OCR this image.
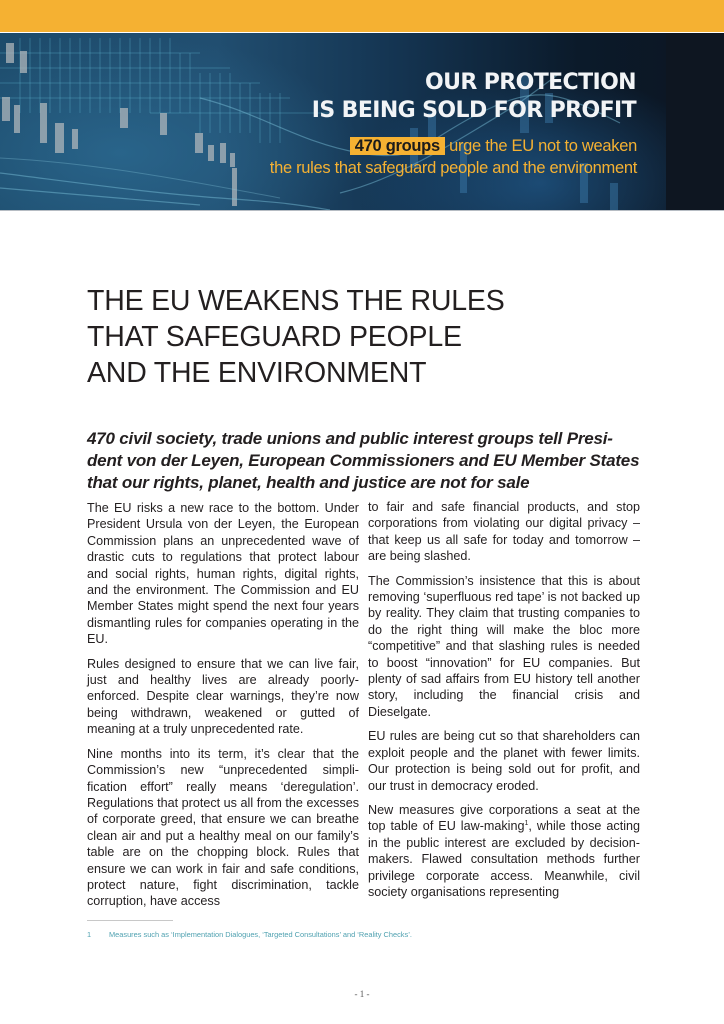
OUR PROTECTION
IS BEING SOLD FOR PROFIT
470 groups urge the EU not to weaken
the rules that safeguard people and the environment
THE EU WEAKENS THE RULES
THAT SAFEGUARD PEOPLE
AND THE ENVIRONMENT

470 civil society, trade unions and public interest groups tell President von der Leyen, European Commissioners and EU Member States that our rights, planet, health and justice are not for sale

The EU risks a new race to the bottom. Under President Ursula von der Leyen, the European Commission plans an unprecedented wave of drastic cuts to regulations that protect labour and social rights, human rights, digital rights, and the environment. The Commission and EU Member States might spend the next four years dismantling rules for companies operating in the EU.

Rules designed to ensure that we can live fair, just and healthy lives are already poorly-enforced. Despite clear warnings, they’re now being withdrawn, weakened or gutted of meaning at a truly unprecedented rate.

Nine months into its term, it’s clear that the Commission’s new “unprecedented simplification effort” really means ‘deregulation’. Regulations that protect us all from the excesses of corporate greed, that ensure we can breathe clean air and put a healthy meal on our family’s table are on the chopping block. Rules that ensure we can work in fair and safe conditions, protect nature, fight discrimination, tackle corruption, have access

to fair and safe financial products, and stop corporations from violating our digital privacy – that keep us all safe for today and tomorrow – are being slashed.

The Commission’s insistence that this is about removing ‘superfluous red tape’ is not backed up by reality. They claim that trusting companies to do the right thing will make the bloc more “competitive” and that slashing rules is needed to boost “innovation” for EU companies. But plenty of sad affairs from EU history tell another story, including the financial crisis and Dieselgate.

EU rules are being cut so that shareholders can exploit people and the planet with fewer limits. Our protection is being sold out for profit, and our trust in democracy eroded.

New measures give corporations a seat at the top table of EU law-making$^1$, while those acting in the public interest are excluded by decision-makers. Flawed consultation methods further privilege corporate access. Meanwhile, civil society organisations representing

1 Measures such as ‘Implementation Dialogues, ‘Targeted Consultations’ and ‘Reality Checks’.
- 1 -
